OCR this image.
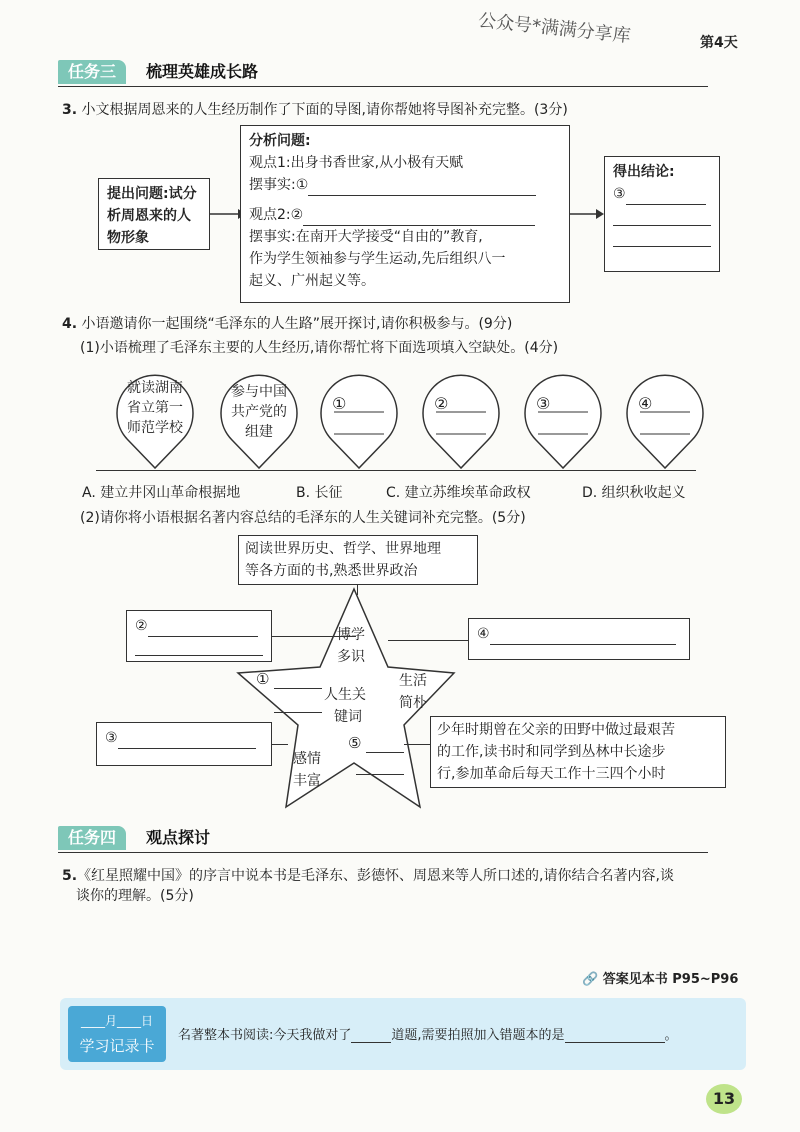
公众号*满满分享库	第4天
任务三	梳理英雄成长路
3. 小文根据周恩来的人生经历制作了下面的导图,请你帮她将导图补充完整。(3分)
提出问题:试分析周恩来的人物形象
分析问题:
观点1:出身书香世家,从小极有天赋
摆事实:①
观点2:②
摆事实:在南开大学接受“自由的”教育,
作为学生领袖参与学生运动,先后组织八一
起义、广州起义等。
得出结论:
③
4. 小语邀请你一起围绕“毛泽东的人生路”展开探讨,请你积极参与。(9分)
(1)小语梳理了毛泽东主要的人生经历,请你帮忙将下面选项填入空缺处。(4分)
就读湖南省立第一师范学校
参与中国共产党的组建
①	②	③	④
A. 建立井冈山革命根据地	B. 长征	C. 建立苏维埃革命政权	D. 组织秋收起义
(2)请你将小语根据名著内容总结的毛泽东的人生关键词补充完整。(5分)
阅读世界历史、哲学、世界地理
等各方面的书,熟悉世界政治
博学多识
生活简朴
感情丰富
人生关
键词
①
⑤
②	④
③	少年时期曾在父亲的田野中做过最艰苦
的工作,读书时和同学到丛林中长途步
行,参加革命后每天工作十三四个小时
任务四	观点探讨
5.《红星照耀中国》的序言中说本书是毛泽东、彭德怀、周恩来等人所口述的,请你结合名著内容,谈
谈你的理解。(5分)
🔗 答案见本书 P95~P96
____月____日
学习记录卡
名著整本书阅读:今天我做对了	道题,需要拍照加入错题本的是	。
13
